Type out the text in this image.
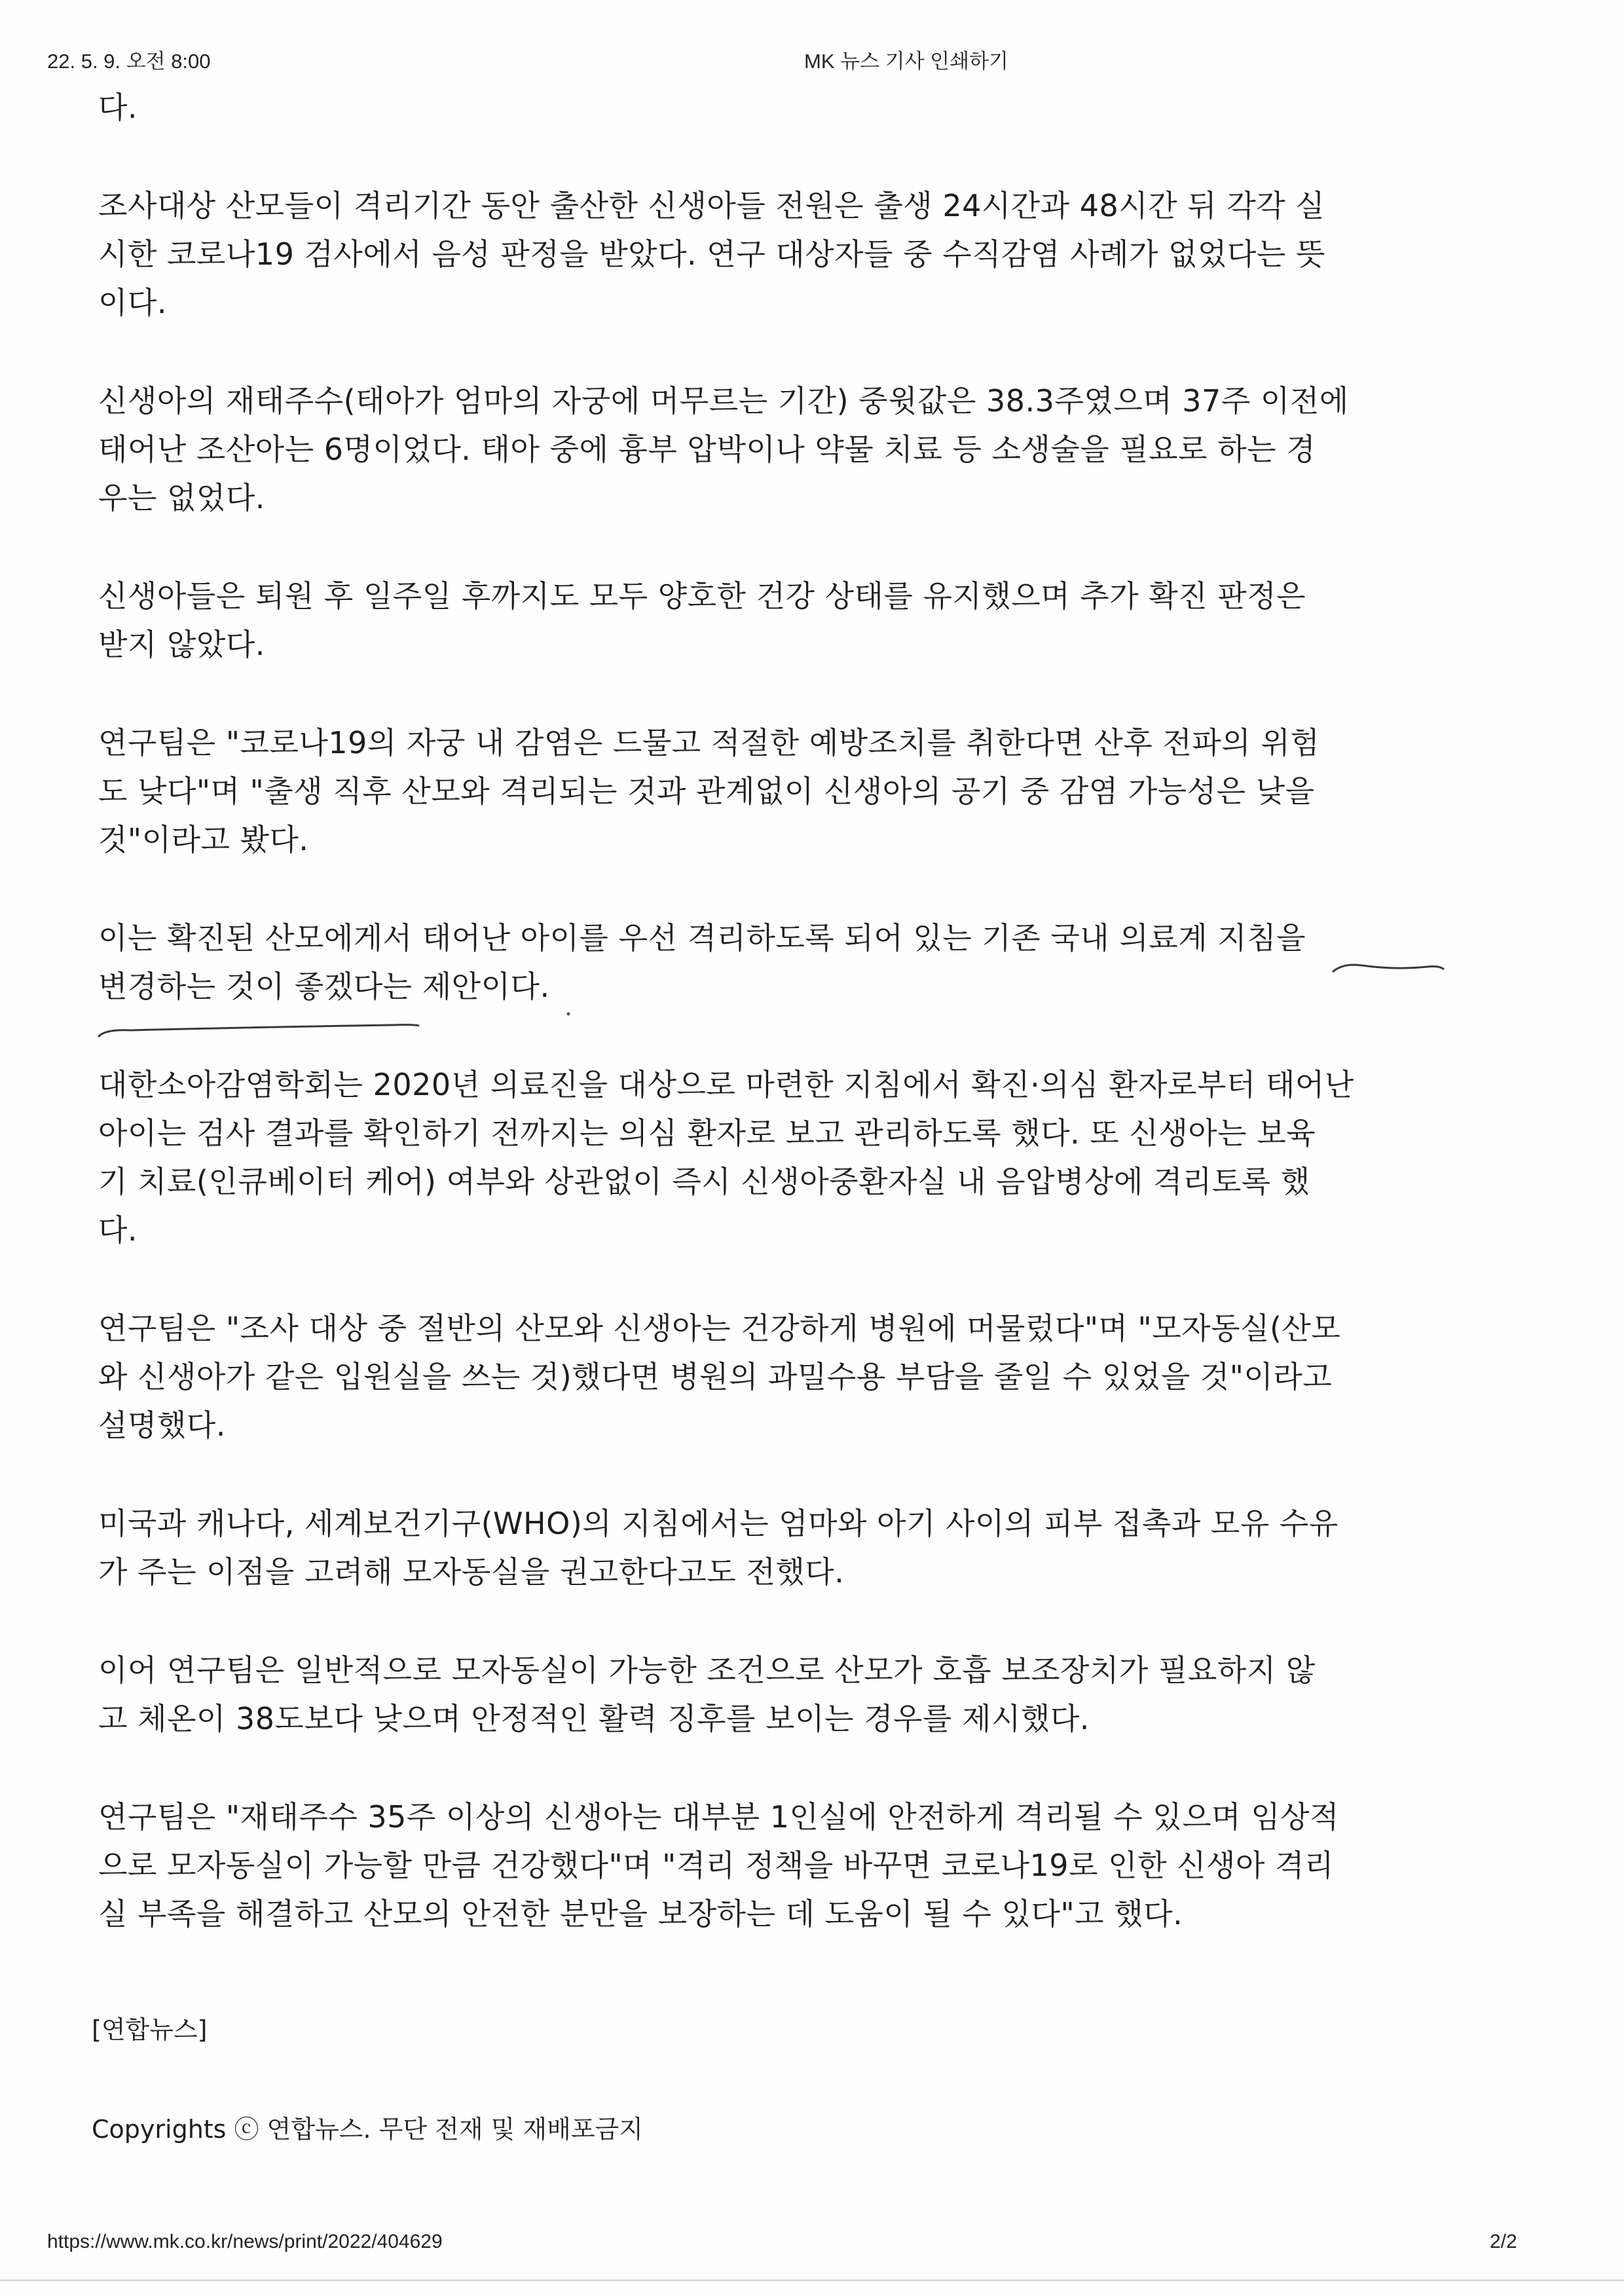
22. 5. 9. 오전 8:00	MK 뉴스 기사 인쇄하기
다.
조사대상 산모들이 격리기간 동안 출산한 신생아들 전원은 출생 24시간과 48시간 뒤 각각 실
시한 코로나19 검사에서 음성 판정을 받았다. 연구 대상자들 중 수직감염 사례가 없었다는 뜻
이다.
신생아의 재태주수(태아가 엄마의 자궁에 머무르는 기간) 중윗값은 38.3주였으며 37주 이전에
태어난 조산아는 6명이었다. 태아 중에 흉부 압박이나 약물 치료 등 소생술을 필요로 하는 경
우는 없었다.
신생아들은 퇴원 후 일주일 후까지도 모두 양호한 건강 상태를 유지했으며 추가 확진 판정은
받지 않았다.
연구팀은 "코로나19의 자궁 내 감염은 드물고 적절한 예방조치를 취한다면 산후 전파의 위험
도 낮다"며 "출생 직후 산모와 격리되는 것과 관계없이 신생아의 공기 중 감염 가능성은 낮을
것"이라고 봤다.
이는 확진된 산모에게서 태어난 아이를 우선 격리하도록 되어 있는 기존 국내 의료계 지침을
변경하는 것이 좋겠다는 제안이다.
대한소아감염학회는 2020년 의료진을 대상으로 마련한 지침에서 확진·의심 환자로부터 태어난
아이는 검사 결과를 확인하기 전까지는 의심 환자로 보고 관리하도록 했다. 또 신생아는 보육
기 치료(인큐베이터 케어) 여부와 상관없이 즉시 신생아중환자실 내 음압병상에 격리토록 했
다.
연구팀은 "조사 대상 중 절반의 산모와 신생아는 건강하게 병원에 머물렀다"며 "모자동실(산모
와 신생아가 같은 입원실을 쓰는 것)했다면 병원의 과밀수용 부담을 줄일 수 있었을 것"이라고
설명했다.
미국과 캐나다, 세계보건기구(WHO)의 지침에서는 엄마와 아기 사이의 피부 접촉과 모유 수유
가 주는 이점을 고려해 모자동실을 권고한다고도 전했다.
이어 연구팀은 일반적으로 모자동실이 가능한 조건으로 산모가 호흡 보조장치가 필요하지 않
고 체온이 38도보다 낮으며 안정적인 활력 징후를 보이는 경우를 제시했다.
연구팀은 "재태주수 35주 이상의 신생아는 대부분 1인실에 안전하게 격리될 수 있으며 임상적
으로 모자동실이 가능할 만큼 건강했다"며 "격리 정책을 바꾸면 코로나19로 인한 신생아 격리
실 부족을 해결하고 산모의 안전한 분만을 보장하는 데 도움이 될 수 있다"고 했다.
[연합뉴스]
Copyrights ⓒ 연합뉴스. 무단 전재 및 재배포금지
https://www.mk.co.kr/news/print/2022/404629	2/2
